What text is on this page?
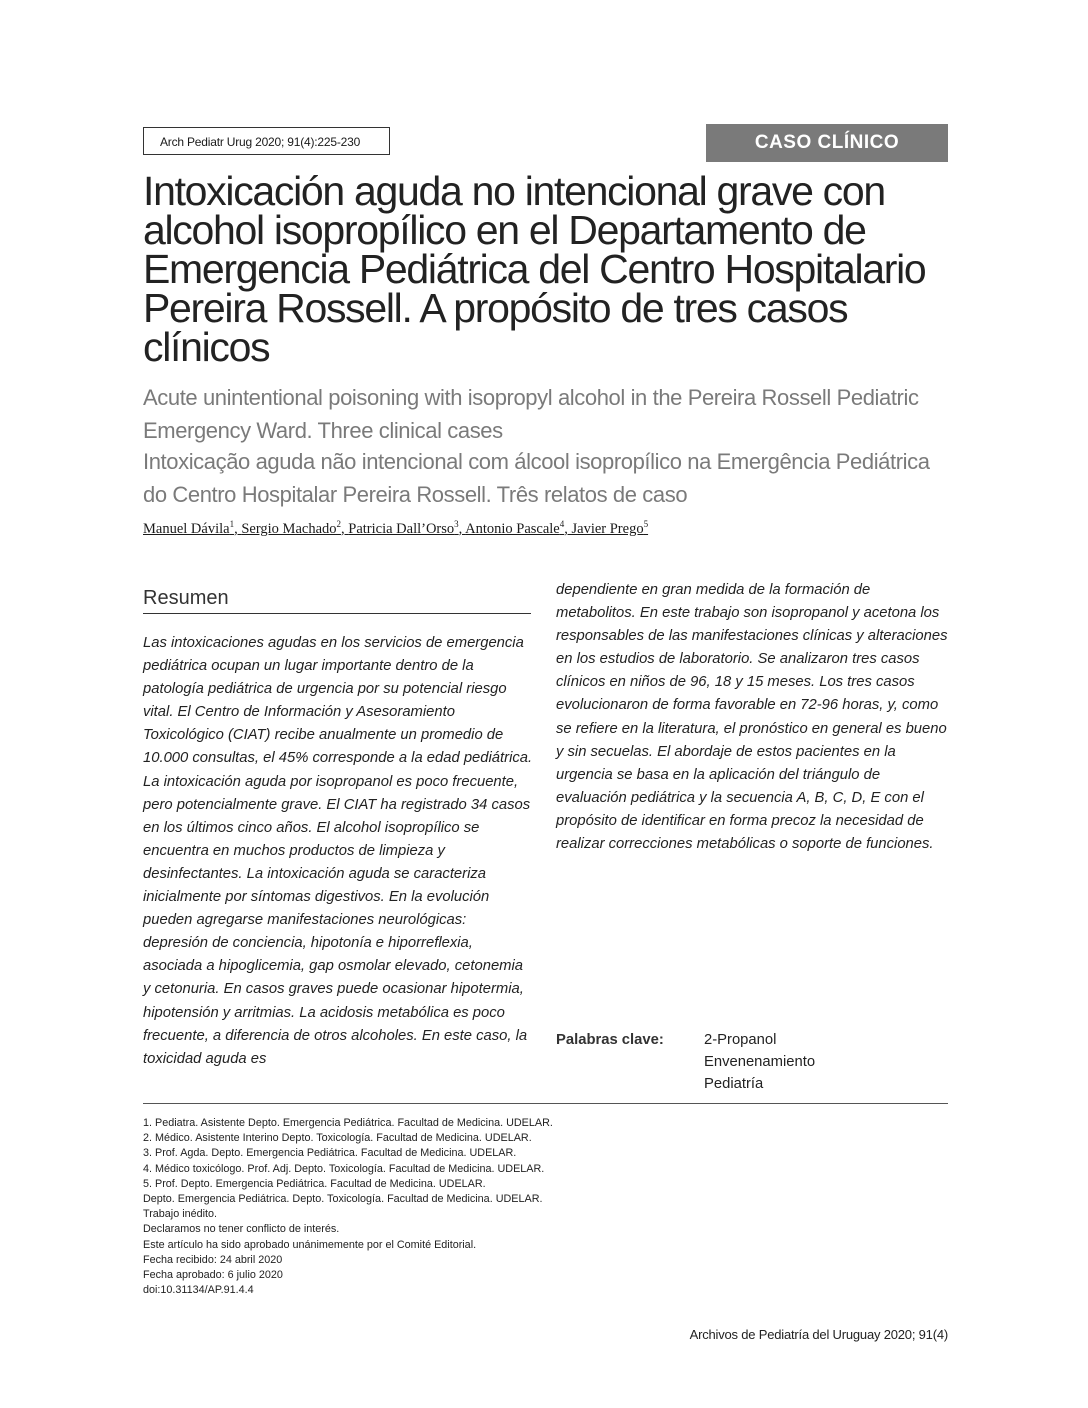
Arch Pediatr Urug 2020; 91(4):225-230	CASO CLÍNICO
Intoxicación aguda no intencional grave con alcohol isopropílico en el Departamento de Emergencia Pediátrica del Centro Hospitalario Pereira Rossell. A propósito de tres casos clínicos

Acute unintentional poisoning with isopropyl alcohol in the Pereira Rossell Pediatric Emergency Ward. Three clinical cases

Intoxicação aguda não intencional com álcool isopropílico na Emergência Pediátrica do Centro Hospitalar Pereira Rossell. Três relatos de caso

Manuel Dávila$^1$, Sergio Machado$^2$, Patricia Dall’Orso$^3$, Antonio Pascale$^4$, Javier Prego$^5$
Resumen

Las intoxicaciones agudas en los servicios de emergencia pediátrica ocupan un lugar importante dentro de la patología pediátrica de urgencia por su potencial riesgo vital. El Centro de Información y Asesoramiento Toxicológico (CIAT) recibe anualmente un promedio de 10.000 consultas, el 45% corresponde a la edad pediátrica. La intoxicación aguda por isopropanol es poco frecuente, pero potencialmente grave. El CIAT ha registrado 34 casos en los últimos cinco años. El alcohol isopropílico se encuentra en muchos productos de limpieza y desinfectantes. La intoxicación aguda se caracteriza inicialmente por síntomas digestivos. En la evolución pueden agregarse manifestaciones neurológicas: depresión de conciencia, hipotonía e hiporreflexia, asociada a hipoglicemia, gap osmolar elevado, cetonemia y cetonuria. En casos graves puede ocasionar hipotermia, hipotensión y arritmias. La acidosis metabólica es poco frecuente, a diferencia de otros alcoholes. En este caso, la toxicidad aguda es

dependiente en gran medida de la formación de metabolitos. En este trabajo son isopropanol y acetona los responsables de las manifestaciones clínicas y alteraciones en los estudios de laboratorio. Se analizaron tres casos clínicos en niños de 96, 18 y 15 meses. Los tres casos evolucionaron de forma favorable en 72-96 horas, y, como se refiere en la literatura, el pronóstico en general es bueno y sin secuelas. El abordaje de estos pacientes en la urgencia se basa en la aplicación del triángulo de evaluación pediátrica y la secuencia A, B, C, D, E con el propósito de identificar en forma precoz la necesidad de realizar correcciones metabólicas o soporte de funciones.

Palabras clave:	2-Propanol
Envenenamiento
Pediatría
1. Pediatra. Asistente Depto. Emergencia Pediátrica. Facultad de Medicina. UDELAR.
2. Médico. Asistente Interino Depto. Toxicología. Facultad de Medicina. UDELAR.
3. Prof. Agda. Depto. Emergencia Pediátrica. Facultad de Medicina. UDELAR.
4. Médico toxicólogo. Prof. Adj. Depto. Toxicología. Facultad de Medicina. UDELAR.
5. Prof. Depto. Emergencia Pediátrica. Facultad de Medicina. UDELAR.
Depto. Emergencia Pediátrica. Depto. Toxicología. Facultad de Medicina. UDELAR.
Trabajo inédito.
Declaramos no tener conflicto de interés.
Este artículo ha sido aprobado unánimemente por el Comité Editorial.
Fecha recibido: 24 abril 2020
Fecha aprobado: 6 julio 2020
doi:10.31134/AP.91.4.4
Archivos de Pediatría del Uruguay 2020; 91(4)
